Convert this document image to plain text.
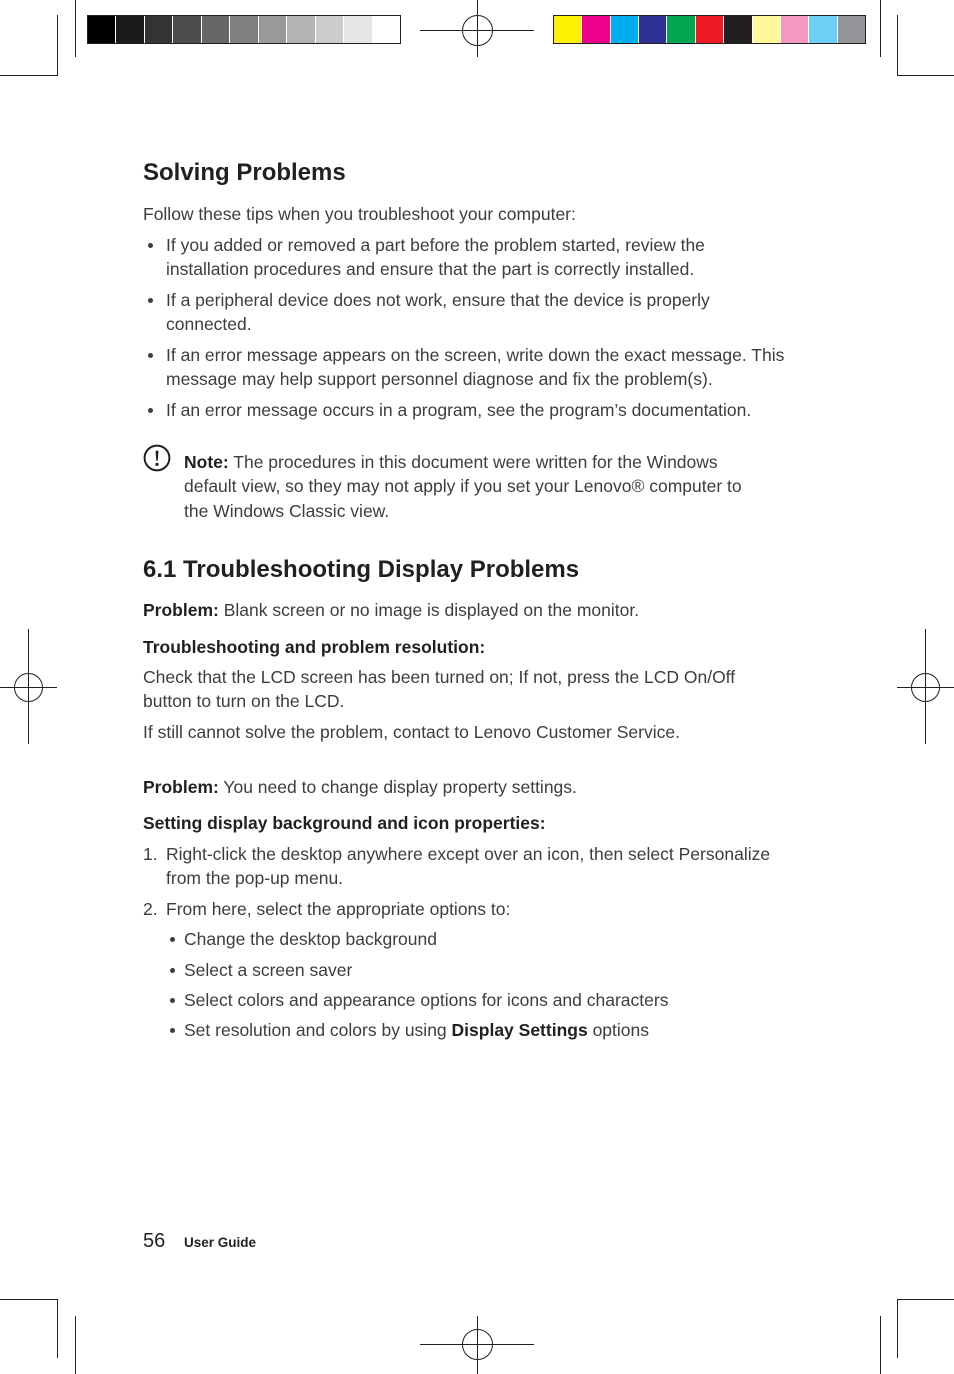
Solving Problems

Follow these tips when you troubleshoot your computer:

If you added or removed a part before the problem started, review the
installation procedures and ensure that the part is correctly installed.
If a peripheral device does not work, ensure that the device is properly
connected.
If an error message appears on the screen, write down the exact message. This
message may help support personnel diagnose and fix the problem(s).
If an error message occurs in a program, see the program’s documentation.
Note: The procedures in this document were written for the Windows
default view, so they may not apply if you set your Lenovo® computer to
the Windows Classic view.
6.1 Troubleshooting Display Problems
Problem: Blank screen or no image is displayed on the monitor.
Troubleshooting and problem resolution:
Check that the LCD screen has been turned on; If not, press the LCD On/Off
button to turn on the LCD.
If still cannot solve the problem, contact to Lenovo Customer Service.
Problem: You need to change display property settings.
Setting display background and icon properties:
1. Right-click the desktop anywhere except over an icon, then select Personalize
from the pop-up menu.
2. From here, select the appropriate options to:
Change the desktop background
Select a screen saver
Select colors and appearance options for icons and characters
Set resolution and colors by using Display Settings options
56	User Guide
